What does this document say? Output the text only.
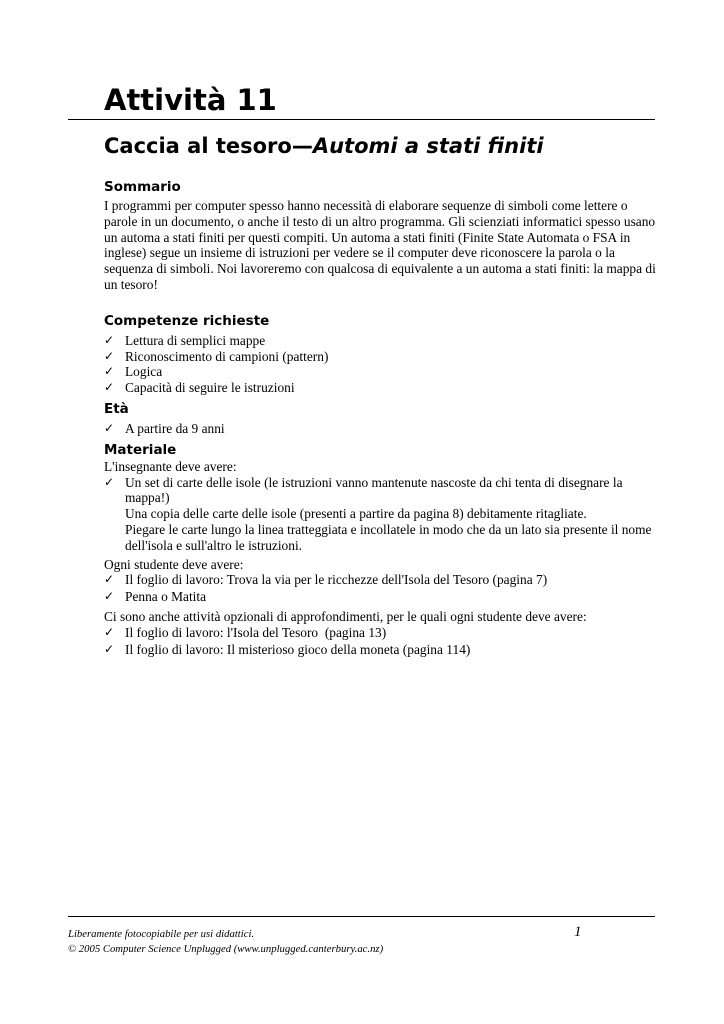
Attività 11
Caccia al tesoro—Automi a stati finiti
Sommario
I programmi per computer spesso hanno necessità di elaborare sequenze di simboli come lettere o
parole in un documento, o anche il testo di un altro programma. Gli scienziati informatici spesso usano
un automa a stati finiti per questi compiti. Un automa a stati finiti (Finite State Automata o FSA in
inglese) segue un insieme di istruzioni per vedere se il computer deve riconoscere la parola o la
sequenza di simboli. Noi lavoreremo con qualcosa di equivalente a un automa a stati finiti: la mappa di
un tesoro!
Competenze richieste
✓ Lettura di semplici mappe
✓ Riconoscimento di campioni (pattern)
✓ Logica
✓ Capacità di seguire le istruzioni
Età
✓ A partire da 9 anni
Materiale
L'insegnante deve avere:
✓ Un set di carte delle isole (le istruzioni vanno mantenute nascoste da chi tenta di disegnare la
mappa!)
Una copia delle carte delle isole (presenti a partire da pagina 8) debitamente ritagliate.
Piegare le carte lungo la linea tratteggiata e incollatele in modo che da un lato sia presente il nome
dell'isola e sull'altro le istruzioni.
Ogni studente deve avere:
✓ Il foglio di lavoro: Trova la via per le ricchezze dell'Isola del Tesoro (pagina 7)
✓ Penna o Matita
Ci sono anche attività opzionali di approfondimenti, per le quali ogni studente deve avere:
✓ Il foglio di lavoro: l'Isola del Tesoro  (pagina 13)
✓ Il foglio di lavoro: Il misterioso gioco della moneta (pagina 114)
Liberamente fotocopiabile per usi didattici.
© 2005 Computer Science Unplugged (www.unplugged.canterbury.ac.nz)
1
